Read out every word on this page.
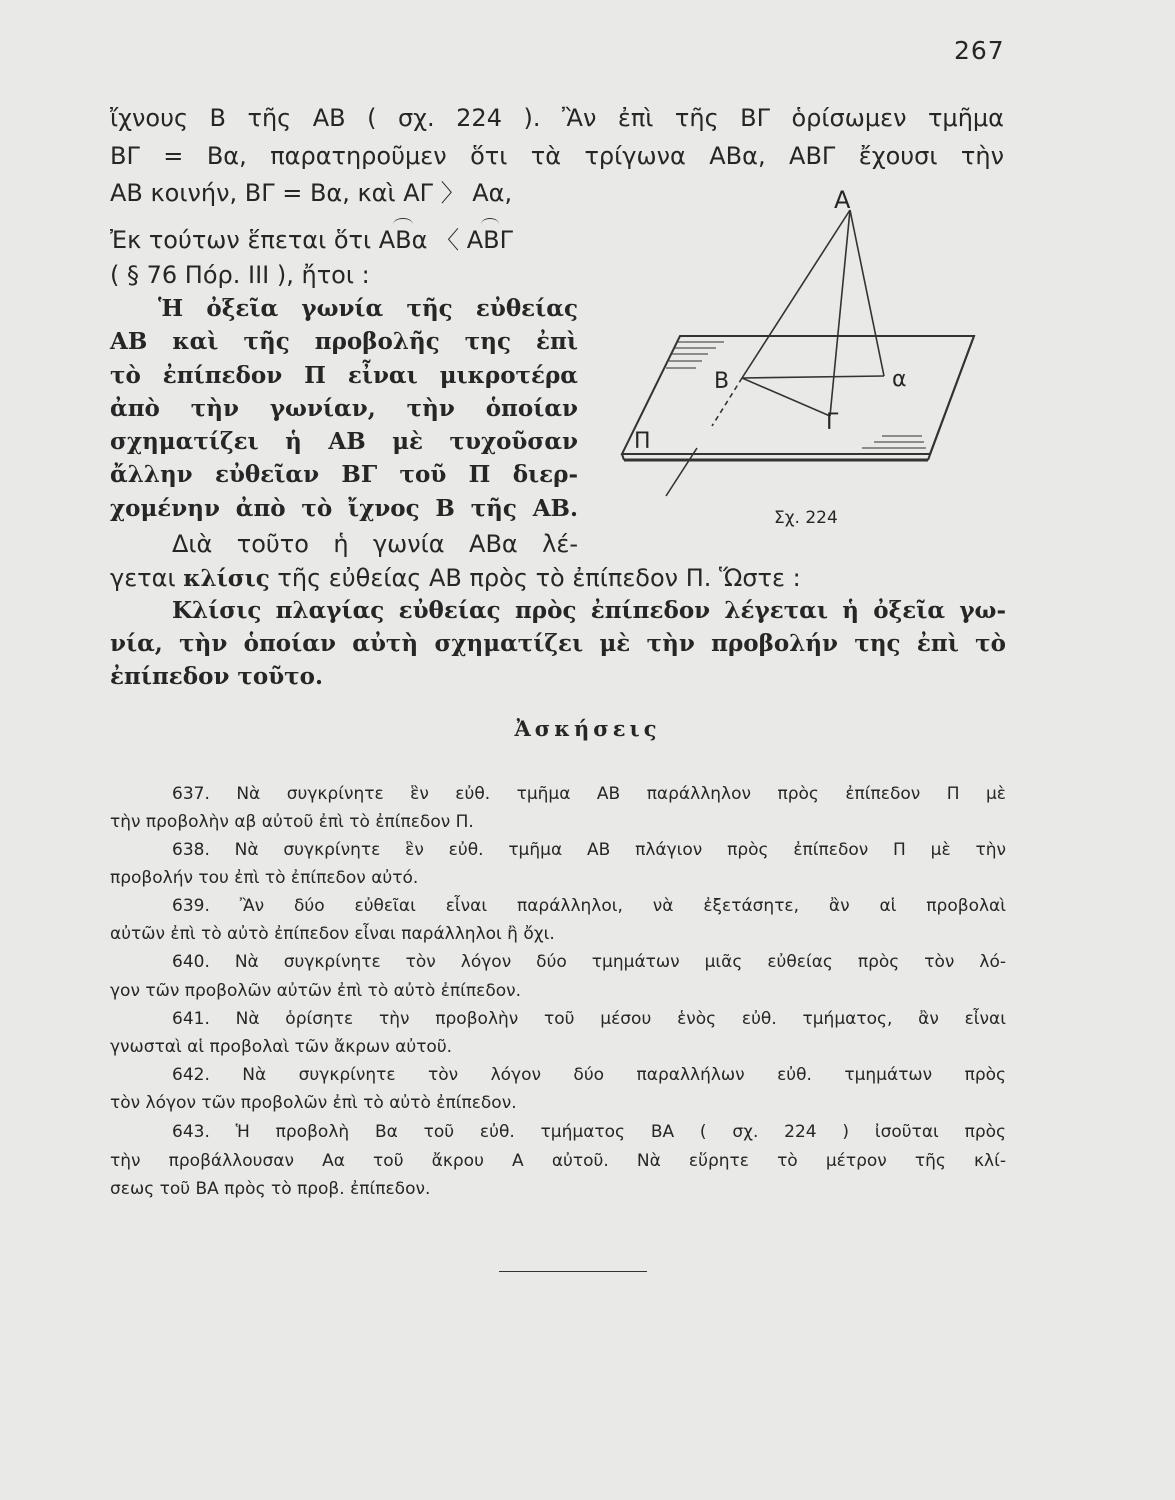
267
ἴχνους Β τῆς ΑΒ ( σχ. 224 ). Ἂν ἐπὶ τῆς ΒΓ ὁρίσωμεν τμῆμα
ΒΓ = Βα, παρατηροῦμεν ὅτι τὰ τρίγωνα ΑΒα, ΑΒΓ ἔχουσι τὴν
ΑΒ κοινήν, ΒΓ = Βα, καὶ ΑΓ 〉 Αα,
Ἐκ τούτων ἕπεται ὅτι ΑΒα 〈 ΑΒΓ
( § 76 Πόρ. ΙΙΙ ), ἤτοι :
Ἡ ὀξεῖα γωνία τῆς εὐθείας
ΑΒ καὶ τῆς προβολῆς της ἐπὶ
τὸ ἐπίπεδον Π εἶναι μικροτέρα
ἀπὸ τὴν γωνίαν, τὴν ὁποίαν
σχηματίζει ἡ ΑΒ μὲ τυχοῦσαν
ἄλλην εὐθεῖαν ΒΓ τοῦ Π διερ-
χομένην ἀπὸ τὸ ἴχνος Β τῆς ΑΒ.
Διὰ τοῦτο ἡ γωνία ΑΒα λέ-
γεται κλίσις τῆς εὐθείας ΑΒ πρὸς τὸ ἐπίπεδον Π. Ὥστε :
Κλίσις πλαγίας εὐθείας πρὸς ἐπίπεδον λέγεται ἡ ὀξεῖα γω-
νία, τὴν ὁποίαν αὐτὴ σχηματίζει μὲ τὴν προβολήν της ἐπὶ τὸ
ἐπίπεδον τοῦτο.
Α
Β	α
Γ
Π
Σχ. 224
Ἀσκήσεις
637. Νὰ συγκρίνητε ἓν εὐθ. τμῆμα ΑΒ παράλληλον πρὸς ἐπίπεδον Π μὲ
τὴν προβολὴν αβ αὐτοῦ ἐπὶ τὸ ἐπίπεδον Π.
638. Νὰ συγκρίνητε ἓν εὐθ. τμῆμα ΑΒ πλάγιον πρὸς ἐπίπεδον Π μὲ τὴν
προβολήν του ἐπὶ τὸ ἐπίπεδον αὐτό.
639. Ἂν δύο εὐθεῖαι εἶναι παράλληλοι, νὰ ἐξετάσητε, ἂν αἱ προβολαὶ
αὐτῶν ἐπὶ τὸ αὐτὸ ἐπίπεδον εἶναι παράλληλοι ἢ ὄχι.
640. Νὰ συγκρίνητε τὸν λόγον δύο τμημάτων μιᾶς εὐθείας πρὸς τὸν λό-
γον τῶν προβολῶν αὐτῶν ἐπὶ τὸ αὐτὸ ἐπίπεδον.
641. Νὰ ὁρίσητε τὴν προβολὴν τοῦ μέσου ἑνὸς εὐθ. τμήματος, ἂν εἶναι
γνωσταὶ αἱ προβολαὶ τῶν ἄκρων αὐτοῦ.
642. Νὰ συγκρίνητε τὸν λόγον δύο παραλλήλων εὐθ. τμημάτων πρὸς
τὸν λόγον τῶν προβολῶν ἐπὶ τὸ αὐτὸ ἐπίπεδον.
643. Ἡ προβολὴ Βα τοῦ εὐθ. τμήματος ΒΑ ( σχ. 224 ) ἰσοῦται πρὸς
τὴν προβάλλουσαν Αα τοῦ ἄκρου Α αὐτοῦ. Νὰ εὕρητε τὸ μέτρον τῆς κλί-
σεως τοῦ ΒΑ πρὸς τὸ προβ. ἐπίπεδον.
